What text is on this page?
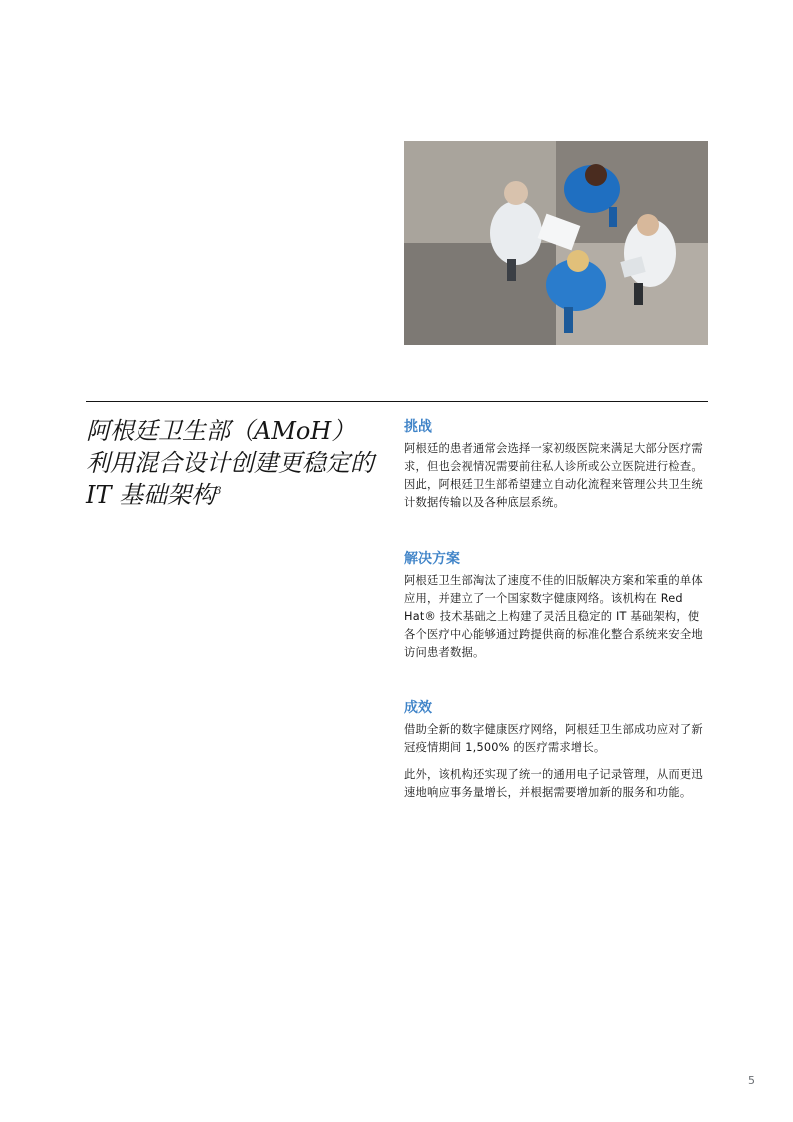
阿根廷卫生部（AMoH）利用混合设计创建更稳定的IT 基础架构$^3$
挑战

阿根廷的患者通常会选择一家初级医院来满足大部分医疗需求，但也会视情况需要前往私人诊所或公立医院进行检查。因此，阿根廷卫生部希望建立自动化流程来管理公共卫生统计数据传输以及各种底层系统。

解决方案

阿根廷卫生部淘汰了速度不佳的旧版解决方案和笨重的单体应用，并建立了一个国家数字健康网络。该机构在 Red Hat® 技术基础之上构建了灵活且稳定的 IT 基础架构，使各个医疗中心能够通过跨提供商的标准化整合系统来安全地访问患者数据。

成效

借助全新的数字健康医疗网络，阿根廷卫生部成功应对了新冠疫情期间 1,500% 的医疗需求增长。

此外，该机构还实现了统一的通用电子记录管理，从而更迅速地响应事务量增长，并根据需要增加新的服务和功能。

5
